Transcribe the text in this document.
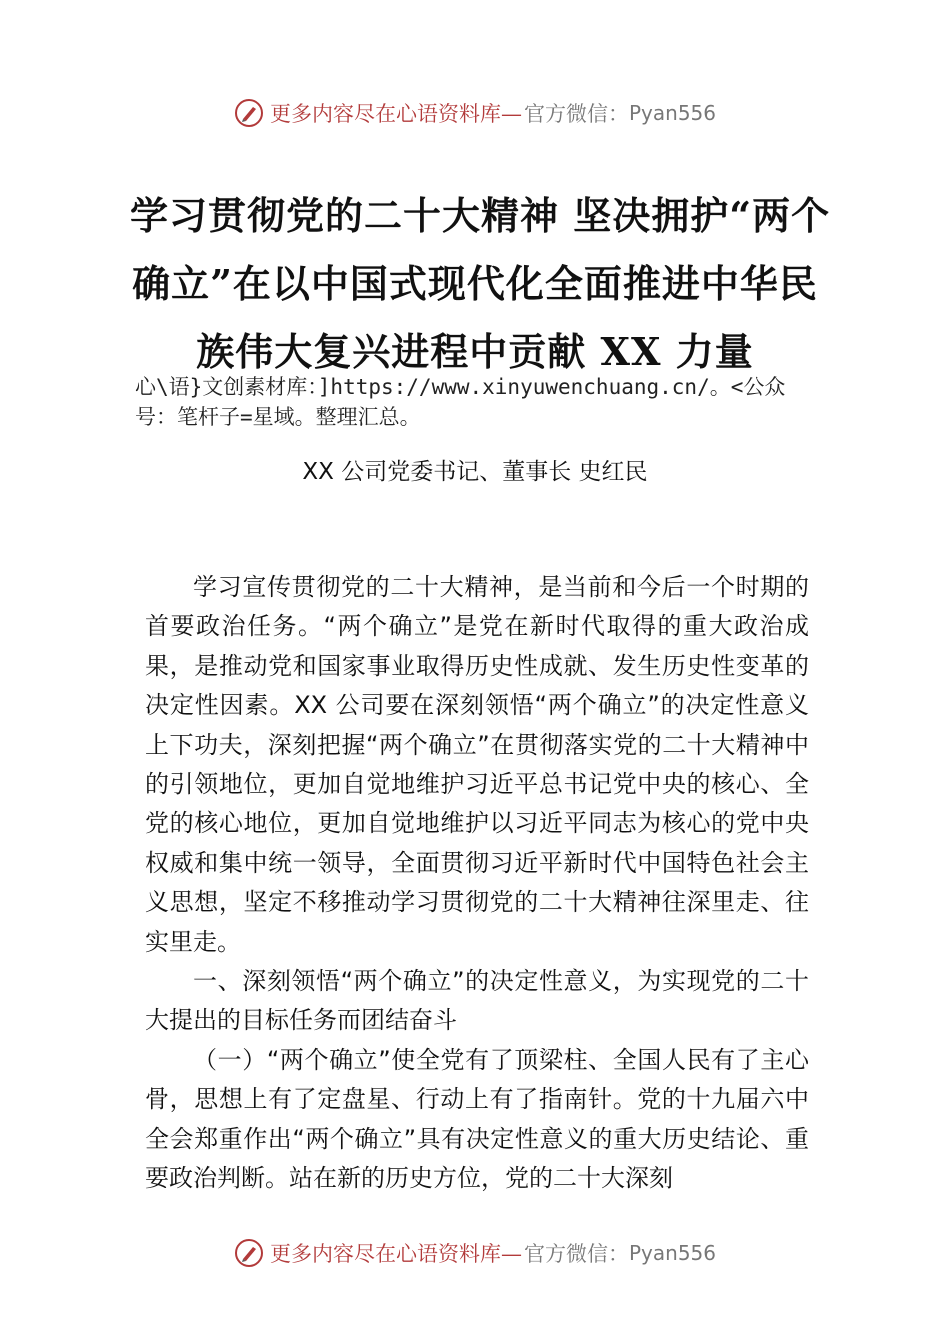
更多内容尽在心语资料库— 官方微信： Pyan556
学习贯彻党的二十大精神 坚决拥护“两个
确立”在以中国式现代化全面推进中华民
族伟大复兴进程中贡献 XX 力量
心\语}文创素材库：]https://www.xinyuwenchuang.cn/。<公众号：笔杆子=星域。整理汇总。
XX 公司党委书记、董事长 史红民

学习宣传贯彻党的二十大精神，是当前和今后一个时期的首要政治任务。“两个确立”是党在新时代取得的重大政治成果，是推动党和国家事业取得历史性成就、发生历史性变革的决定性因素。XX 公司要在深刻领悟“两个确立”的决定性意义上下功夫，深刻把握“两个确立”在贯彻落实党的二十大精神中的引领地位，更加自觉地维护习近平总书记党中央的核心、全党的核心地位，更加自觉地维护以习近平同志为核心的党中央权威和集中统一领导，全面贯彻习近平新时代中国特色社会主义思想，坚定不移推动学习贯彻党的二十大精神往深里走、往实里走。

一、深刻领悟“两个确立”的决定性意义，为实现党的二十大提出的目标任务而团结奋斗

（一）“两个确立”使全党有了顶梁柱、全国人民有了主心骨，思想上有了定盘星、行动上有了指南针。党的十九届六中全会郑重作出“两个确立”具有决定性意义的重大历史结论、重要政治判断。站在新的历史方位，党的二十大深刻

更多内容尽在心语资料库— 官方微信： Pyan556
